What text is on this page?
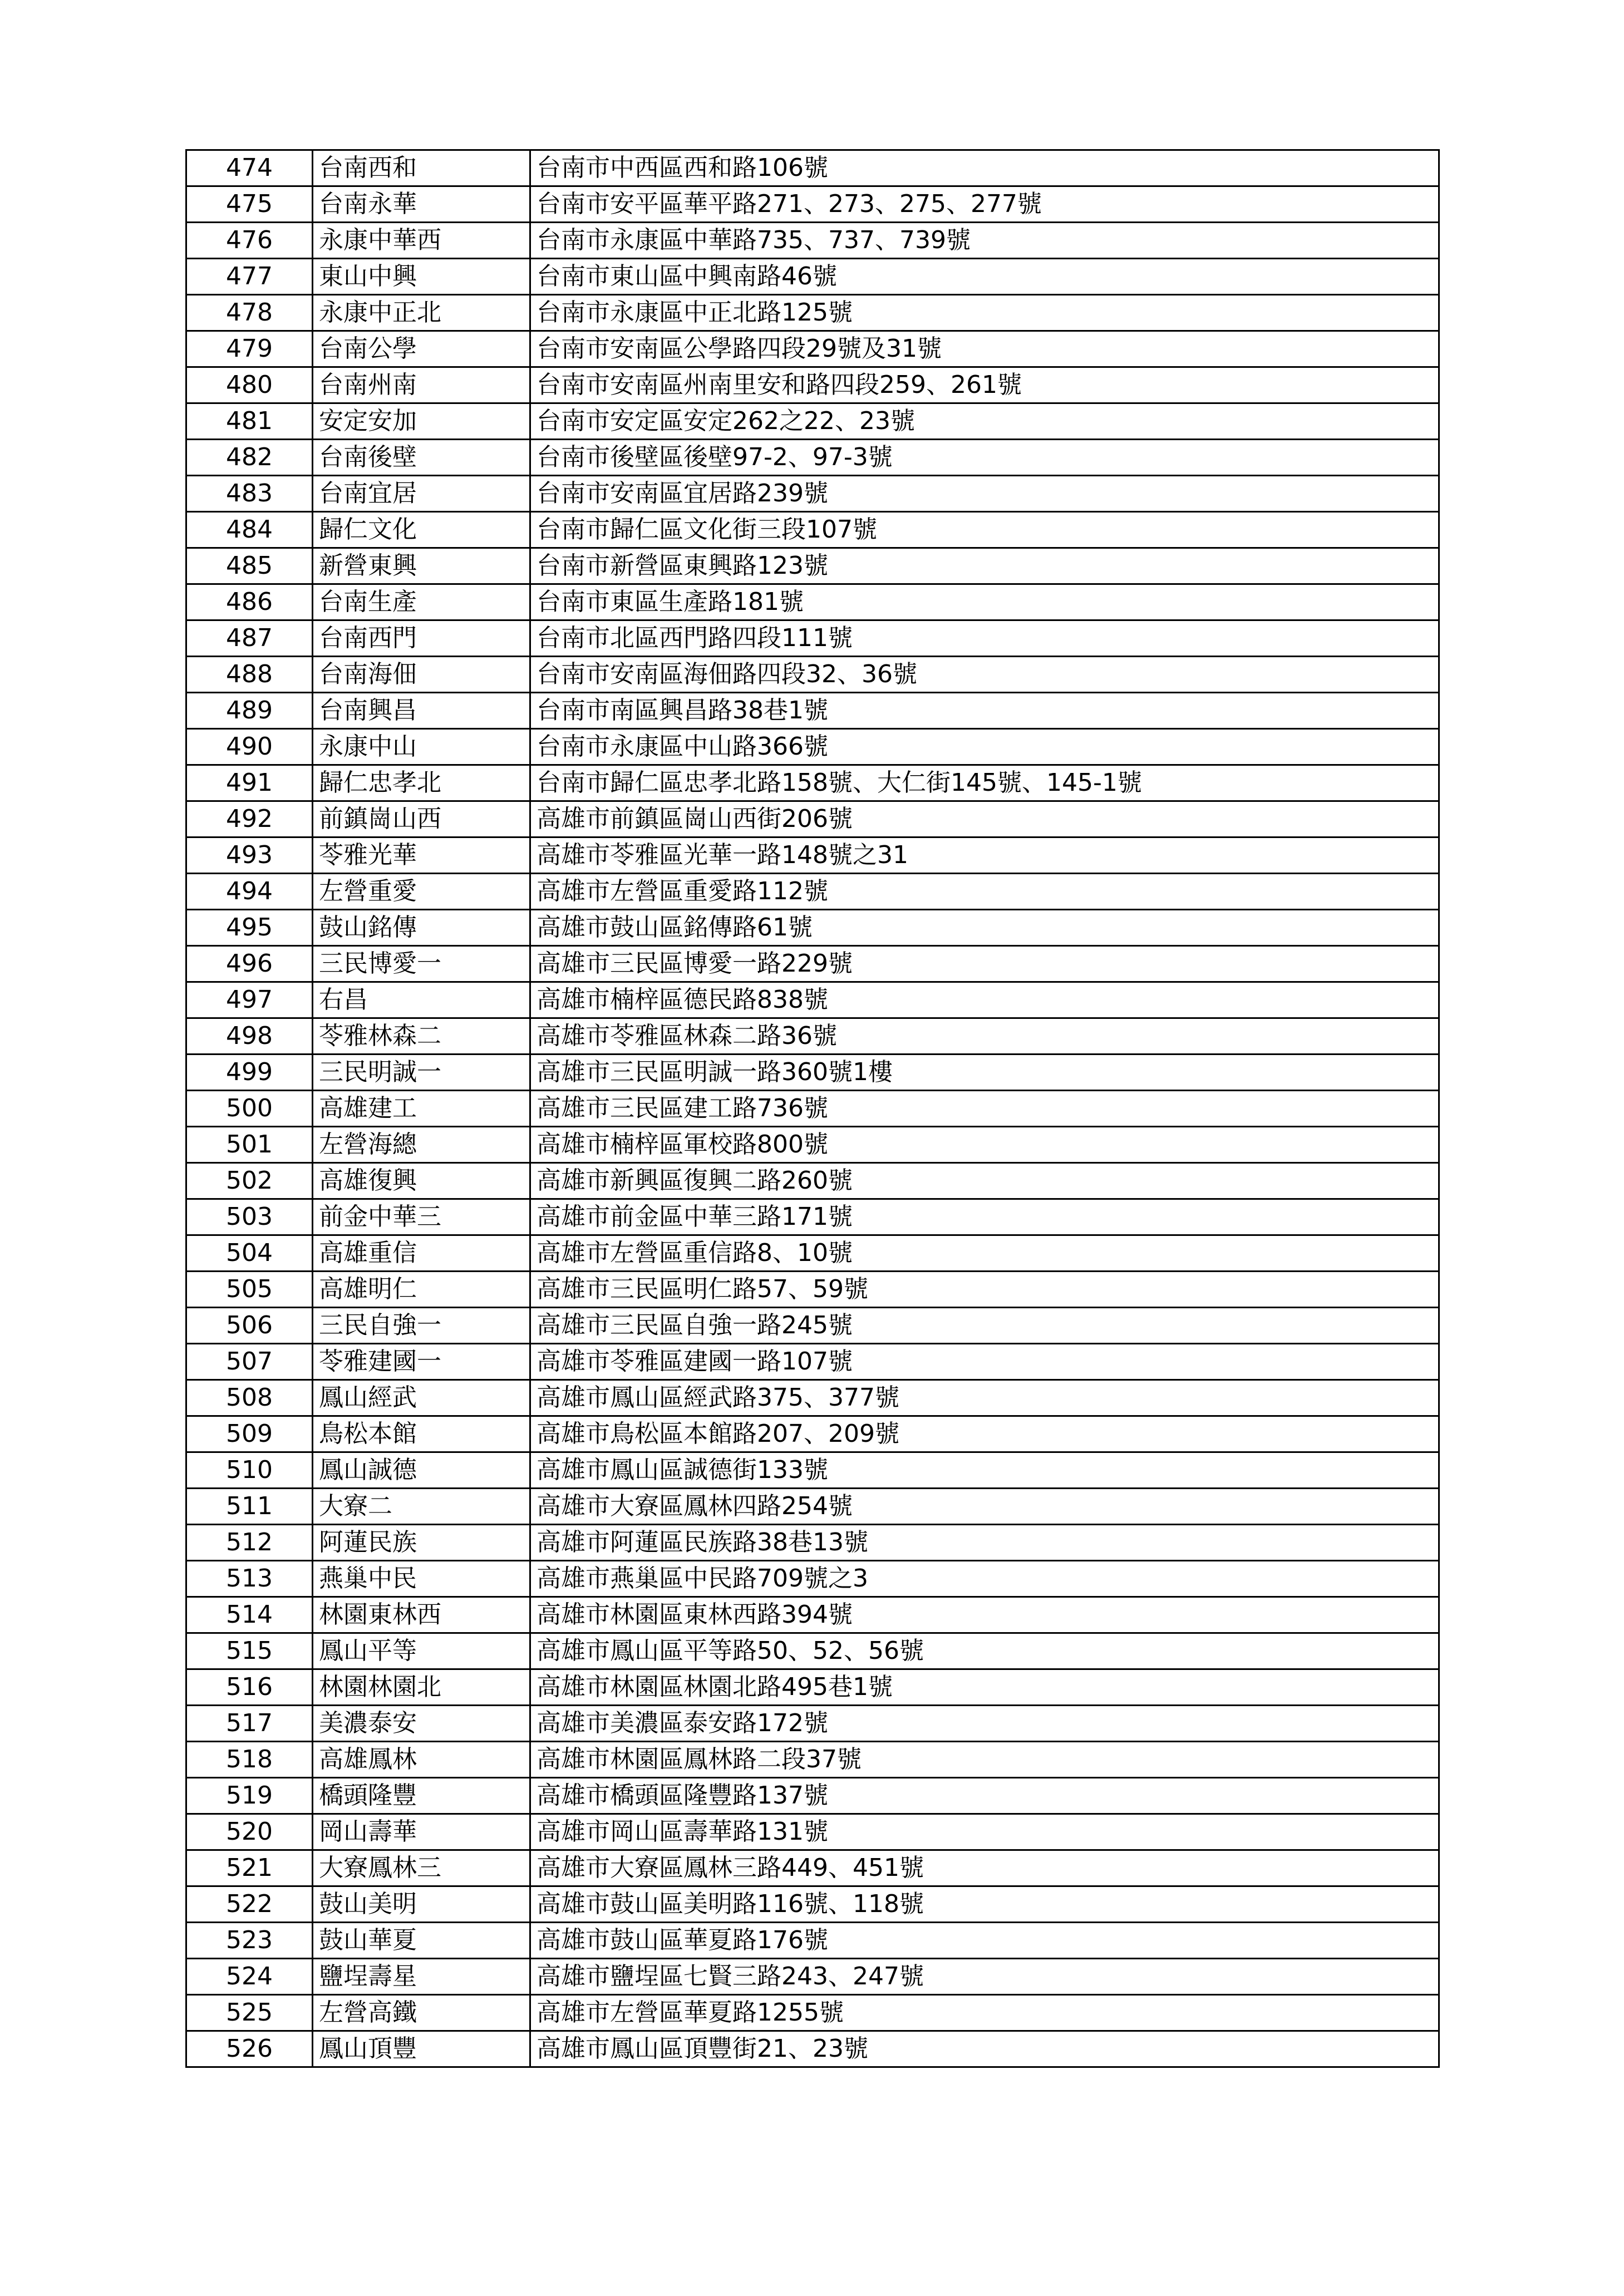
474	台南西和	台南市中西區西和路106號
475	台南永華	台南市安平區華平路271、273、275、277號
476	永康中華西	台南市永康區中華路735、737、739號
477	東山中興	台南市東山區中興南路46號
478	永康中正北	台南市永康區中正北路125號
479	台南公學	台南市安南區公學路四段29號及31號
480	台南州南	台南市安南區州南里安和路四段259、261號
481	安定安加	台南市安定區安定262之22、23號
482	台南後壁	台南市後壁區後壁97-2、97-3號
483	台南宜居	台南市安南區宜居路239號
484	歸仁文化	台南市歸仁區文化街三段107號
485	新營東興	台南市新營區東興路123號
486	台南生產	台南市東區生產路181號
487	台南西門	台南市北區西門路四段111號
488	台南海佃	台南市安南區海佃路四段32、36號
489	台南興昌	台南市南區興昌路38巷1號
490	永康中山	台南市永康區中山路366號
491	歸仁忠孝北	台南市歸仁區忠孝北路158號、大仁街145號、145-1號
492	前鎮崗山西	高雄市前鎮區崗山西街206號
493	苓雅光華	高雄市苓雅區光華一路148號之31
494	左營重愛	高雄市左營區重愛路112號
495	鼓山銘傳	高雄市鼓山區銘傳路61號
496	三民博愛一	高雄市三民區博愛一路229號
497	右昌	高雄市楠梓區德民路838號
498	苓雅林森二	高雄市苓雅區林森二路36號
499	三民明誠一	高雄市三民區明誠一路360號1樓
500	高雄建工	高雄市三民區建工路736號
501	左營海總	高雄市楠梓區軍校路800號
502	高雄復興	高雄市新興區復興二路260號
503	前金中華三	高雄市前金區中華三路171號
504	高雄重信	高雄市左營區重信路8、10號
505	高雄明仁	高雄市三民區明仁路57、59號
506	三民自強一	高雄市三民區自強一路245號
507	苓雅建國一	高雄市苓雅區建國一路107號
508	鳳山經武	高雄市鳳山區經武路375、377號
509	鳥松本館	高雄市鳥松區本館路207、209號
510	鳳山誠德	高雄市鳳山區誠德街133號
511	大寮二	高雄市大寮區鳳林四路254號
512	阿蓮民族	高雄市阿蓮區民族路38巷13號
513	燕巢中民	高雄市燕巢區中民路709號之3
514	林園東林西	高雄市林園區東林西路394號
515	鳳山平等	高雄市鳳山區平等路50、52、56號
516	林園林園北	高雄市林園區林園北路495巷1號
517	美濃泰安	高雄市美濃區泰安路172號
518	高雄鳳林	高雄市林園區鳳林路二段37號
519	橋頭隆豐	高雄市橋頭區隆豐路137號
520	岡山壽華	高雄市岡山區壽華路131號
521	大寮鳳林三	高雄市大寮區鳳林三路449、451號
522	鼓山美明	高雄市鼓山區美明路116號、118號
523	鼓山華夏	高雄市鼓山區華夏路176號
524	鹽埕壽星	高雄市鹽埕區七賢三路243、247號
525	左營高鐵	高雄市左營區華夏路1255號
526	鳳山頂豐	高雄市鳳山區頂豐街21、23號
